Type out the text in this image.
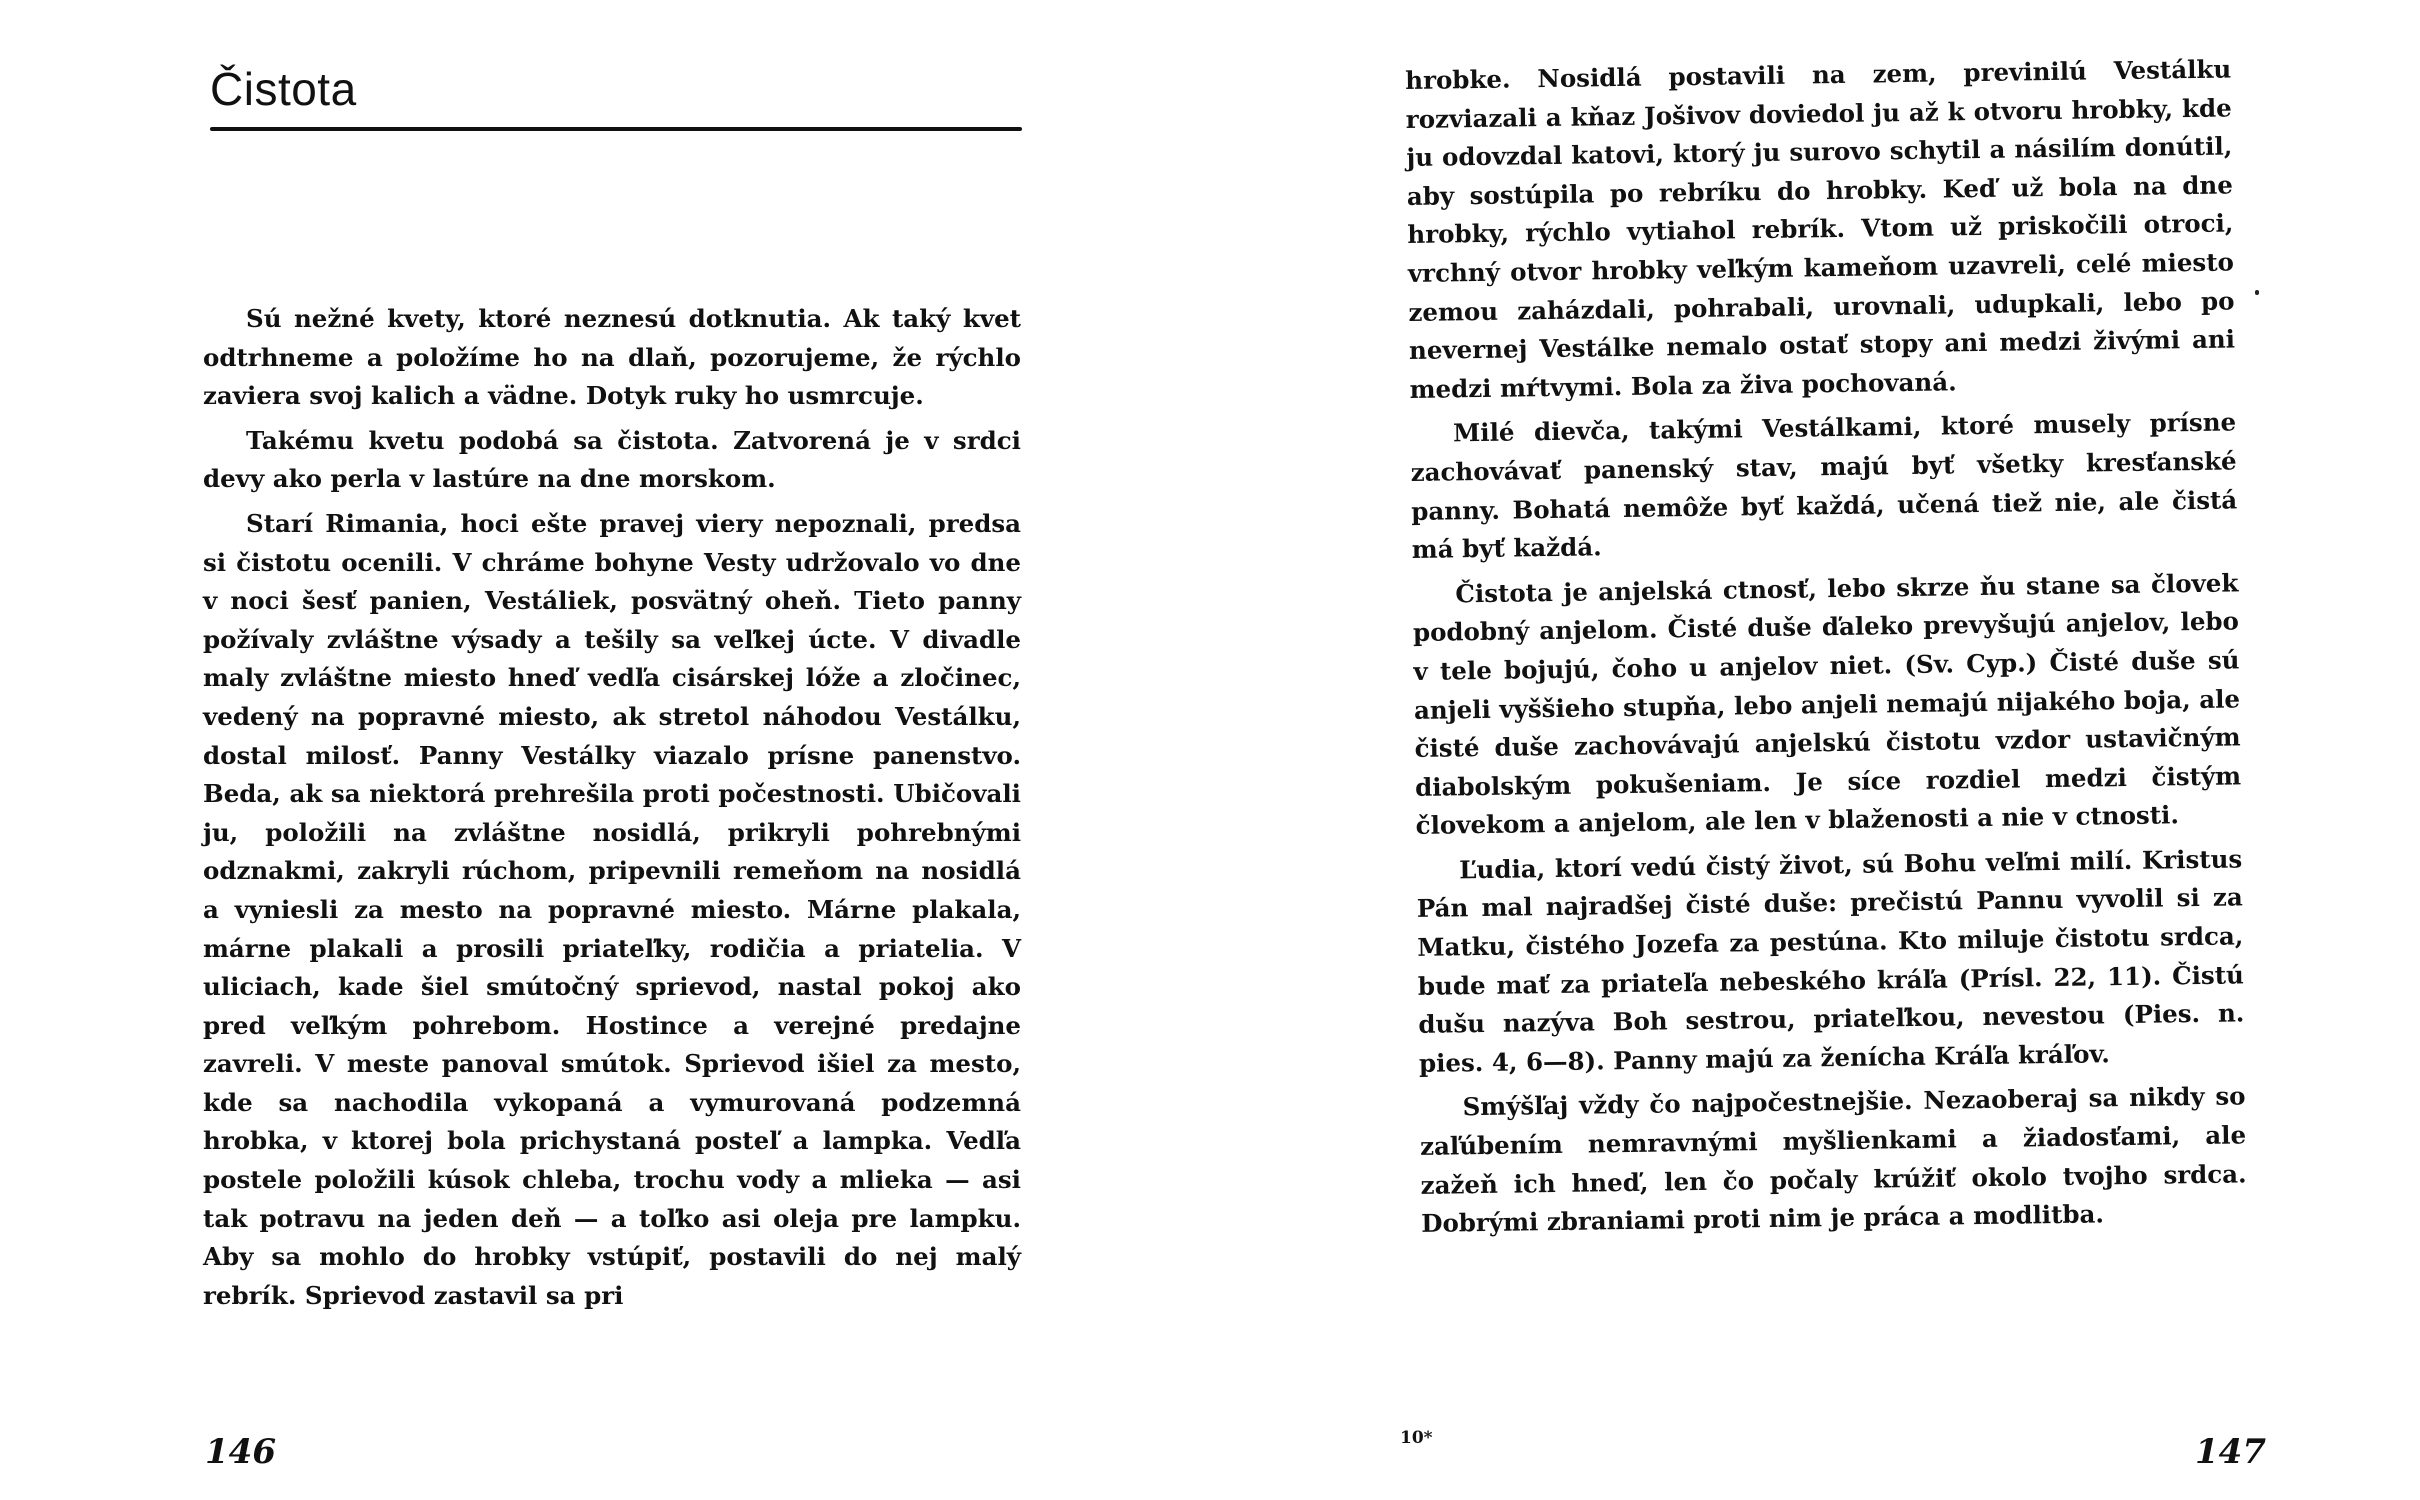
Čistota

Sú nežné kvety, ktoré neznesú dotknutia. Ak taký kvet odtrhneme a položíme ho na dlaň, pozorujeme, že rýchlo zaviera svoj kalich a vädne. Dotyk ruky ho usmrcuje.

Takému kvetu podobá sa čistota. Zatvorená je v srdci devy ako perla v lastúre na dne morskom.

Starí Rimania, hoci ešte pravej viery nepoznali, predsa si čistotu ocenili. V chráme bohyne Vesty udržovalo vo dne v noci šesť panien, Vestáliek, posvätný oheň. Tieto panny požívaly zvláštne výsady a tešily sa veľkej úcte. V divadle maly zvláštne miesto hneď vedľa cisárskej lóže a zločinec, vedený na popravné miesto, ak stretol náhodou Vestálku, dostal milosť. Panny Vestálky viazalo prísne panenstvo. Beda, ak sa niektorá prehrešila proti počestnosti. Ubičovali ju, položili na zvláštne nosidlá, prikryli pohrebnými odznakmi, zakryli rúchom, pripevnili remeňom na nosidlá a vyniesli za mesto na popravné miesto. Márne plakala, márne plakali a prosili priateľky, rodičia a priatelia. V uliciach, kade šiel smútočný sprievod, nastal pokoj ako pred veľkým pohrebom. Hostince a verejné predajne zavreli. V meste panoval smútok. Sprievod išiel za mesto, kde sa nachodila vykopaná a vymurovaná podzemná hrobka, v ktorej bola prichystaná posteľ a lampka. Vedľa postele položili kúsok chleba, trochu vody a mlieka — asi tak potravu na jeden deň — a toľko asi oleja pre lampku. Aby sa mohlo do hrobky vstúpiť, postavili do nej malý rebrík. Sprievod zastavil sa pri

146

hrobke. Nosidlá postavili na zem, previnilú Vestálku rozviazali a kňaz Jošivov doviedol ju až k otvoru hrobky, kde ju odovzdal katovi, ktorý ju surovo schytil a násilím donútil, aby sostúpila po rebríku do hrobky. Keď už bola na dne hrobky, rýchlo vytiahol rebrík. Vtom už priskočili otroci, vrchný otvor hrobky veľkým kameňom uzavreli, celé miesto zemou zaházdali, pohrabali, urovnali, udupkali, lebo po nevernej Vestálke nemalo ostať stopy ani medzi živými ani medzi mŕtvymi. Bola za živa pochovaná.

Milé dievča, takými Vestálkami, ktoré musely prísne zachovávať panenský stav, majú byť všetky kresťanské panny. Bohatá nemôže byť každá, učená tiež nie, ale čistá má byť každá.

Čistota je anjelská ctnosť, lebo skrze ňu stane sa človek podobný anjelom. Čisté duše ďaleko prevyšujú anjelov, lebo v tele bojujú, čoho u anjelov niet. (Sv. Cyp.) Čisté duše sú anjeli vyššieho stupňa, lebo anjeli nemajú nijakého boja, ale čisté duše zachovávajú anjelskú čistotu vzdor ustavičným diabolským pokušeniam. Je síce rozdiel medzi čistým človekom a anjelom, ale len v blaženosti a nie v ctnosti.

Ľudia, ktorí vedú čistý život, sú Bohu veľmi milí. Kristus Pán mal najradšej čisté duše: prečistú Pannu vyvolil si za Matku, čistého Jozefa za pestúna. Kto miluje čistotu srdca, bude mať za priateľa nebeského kráľa (Prísl. 22, 11). Čistú dušu nazýva Boh sestrou, priateľkou, nevestou (Pies. n. pies. 4, 6—8). Panny majú za ženícha Kráľa kráľov.

Smýšľaj vždy čo najpočestnejšie. Nezaoberaj sa nikdy so zaľúbením nemravnými myšlienkami a žiadosťami, ale zažeň ich hneď, len čo počaly krúžiť okolo tvojho srdca. Dobrými zbraniami proti nim je práca a modlitba.

10*	147
